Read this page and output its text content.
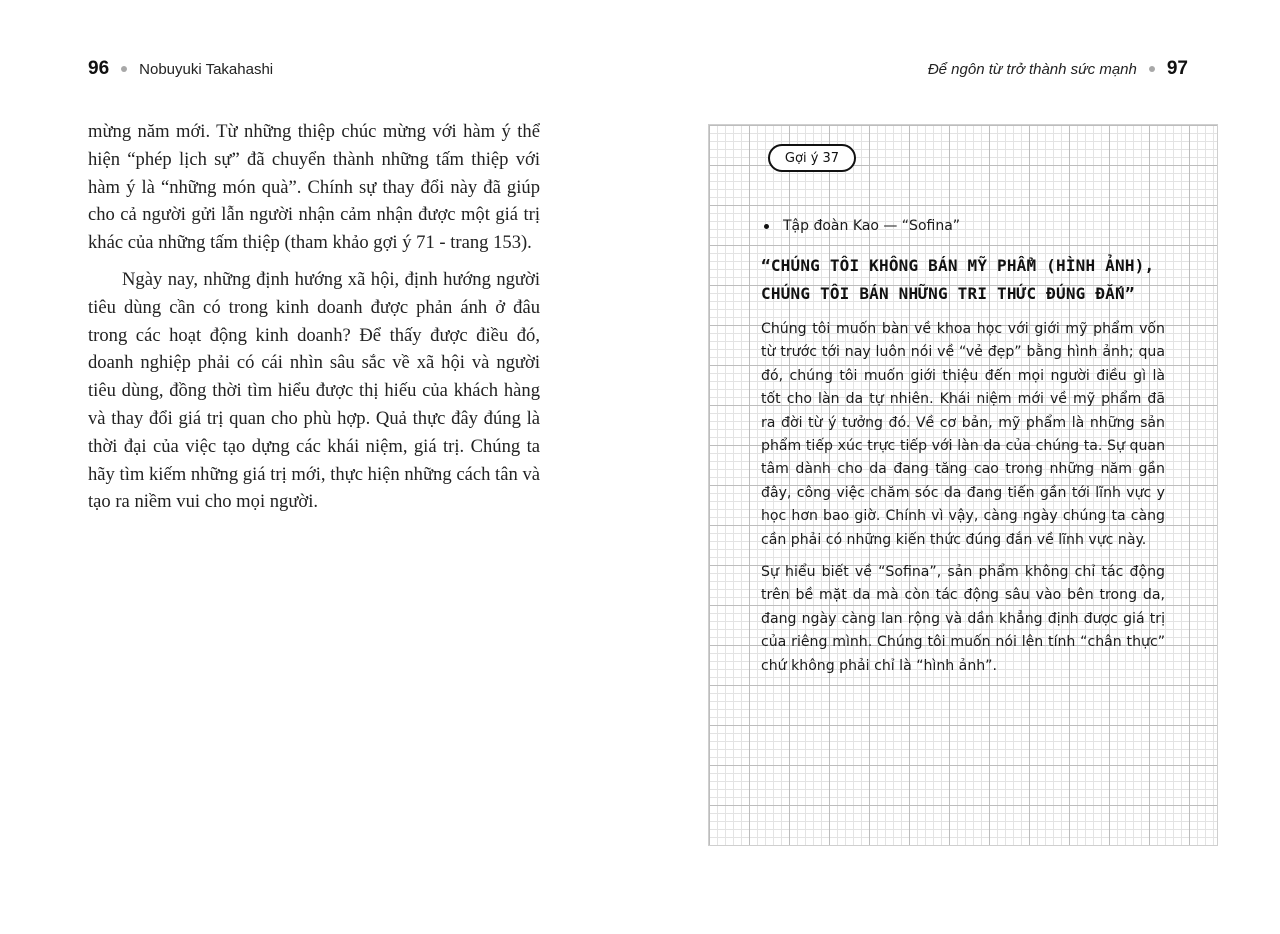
96 Nobuyuki Takahashi

mừng năm mới. Từ những thiệp chúc mừng với hàm ý thể hiện “phép lịch sự” đã chuyển thành những tấm thiệp với hàm ý là “những món quà”. Chính sự thay đổi này đã giúp cho cả người gửi lẫn người nhận cảm nhận được một giá trị khác của những tấm thiệp (tham khảo gợi ý 71 - trang 153).

Ngày nay, những định hướng xã hội, định hướng người tiêu dùng cần có trong kinh doanh được phản ánh ở đâu trong các hoạt động kinh doanh? Để thấy được điều đó, doanh nghiệp phải có cái nhìn sâu sắc về xã hội và người tiêu dùng, đồng thời tìm hiểu được thị hiếu của khách hàng và thay đổi giá trị quan cho phù hợp. Quả thực đây đúng là thời đại của việc tạo dựng các khái niệm, giá trị. Chúng ta hãy tìm kiếm những giá trị mới, thực hiện những cách tân và tạo ra niềm vui cho mọi người.

Để ngôn từ trở thành sức mạnh 97
Gợi ý 37
Tập đoàn Kao — “Sofina”
“CHÚNG TÔI KHÔNG BÁN MỸ PHẨM (HÌNH ẢNH), CHÚNG TÔI BÁN NHỮNG TRI THỨC ĐÚNG ĐẮN”

Chúng tôi muốn bàn về khoa học với giới mỹ phẩm vốn từ trước tới nay luôn nói về “vẻ đẹp” bằng hình ảnh; qua đó, chúng tôi muốn giới thiệu đến mọi người điều gì là tốt cho làn da tự nhiên. Khái niệm mới về mỹ phẩm đã ra đời từ ý tưởng đó. Về cơ bản, mỹ phẩm là những sản phẩm tiếp xúc trực tiếp với làn da của chúng ta. Sự quan tâm dành cho da đang tăng cao trong những năm gần đây, công việc chăm sóc da đang tiến gần tới lĩnh vực y học hơn bao giờ. Chính vì vậy, càng ngày chúng ta càng cần phải có những kiến thức đúng đắn về lĩnh vực này.

Sự hiểu biết về “Sofina”, sản phẩm không chỉ tác động trên bề mặt da mà còn tác động sâu vào bên trong da, đang ngày càng lan rộng và dần khẳng định được giá trị của riêng mình. Chúng tôi muốn nói lên tính “chân thực” chứ không phải chỉ là “hình ảnh”.
